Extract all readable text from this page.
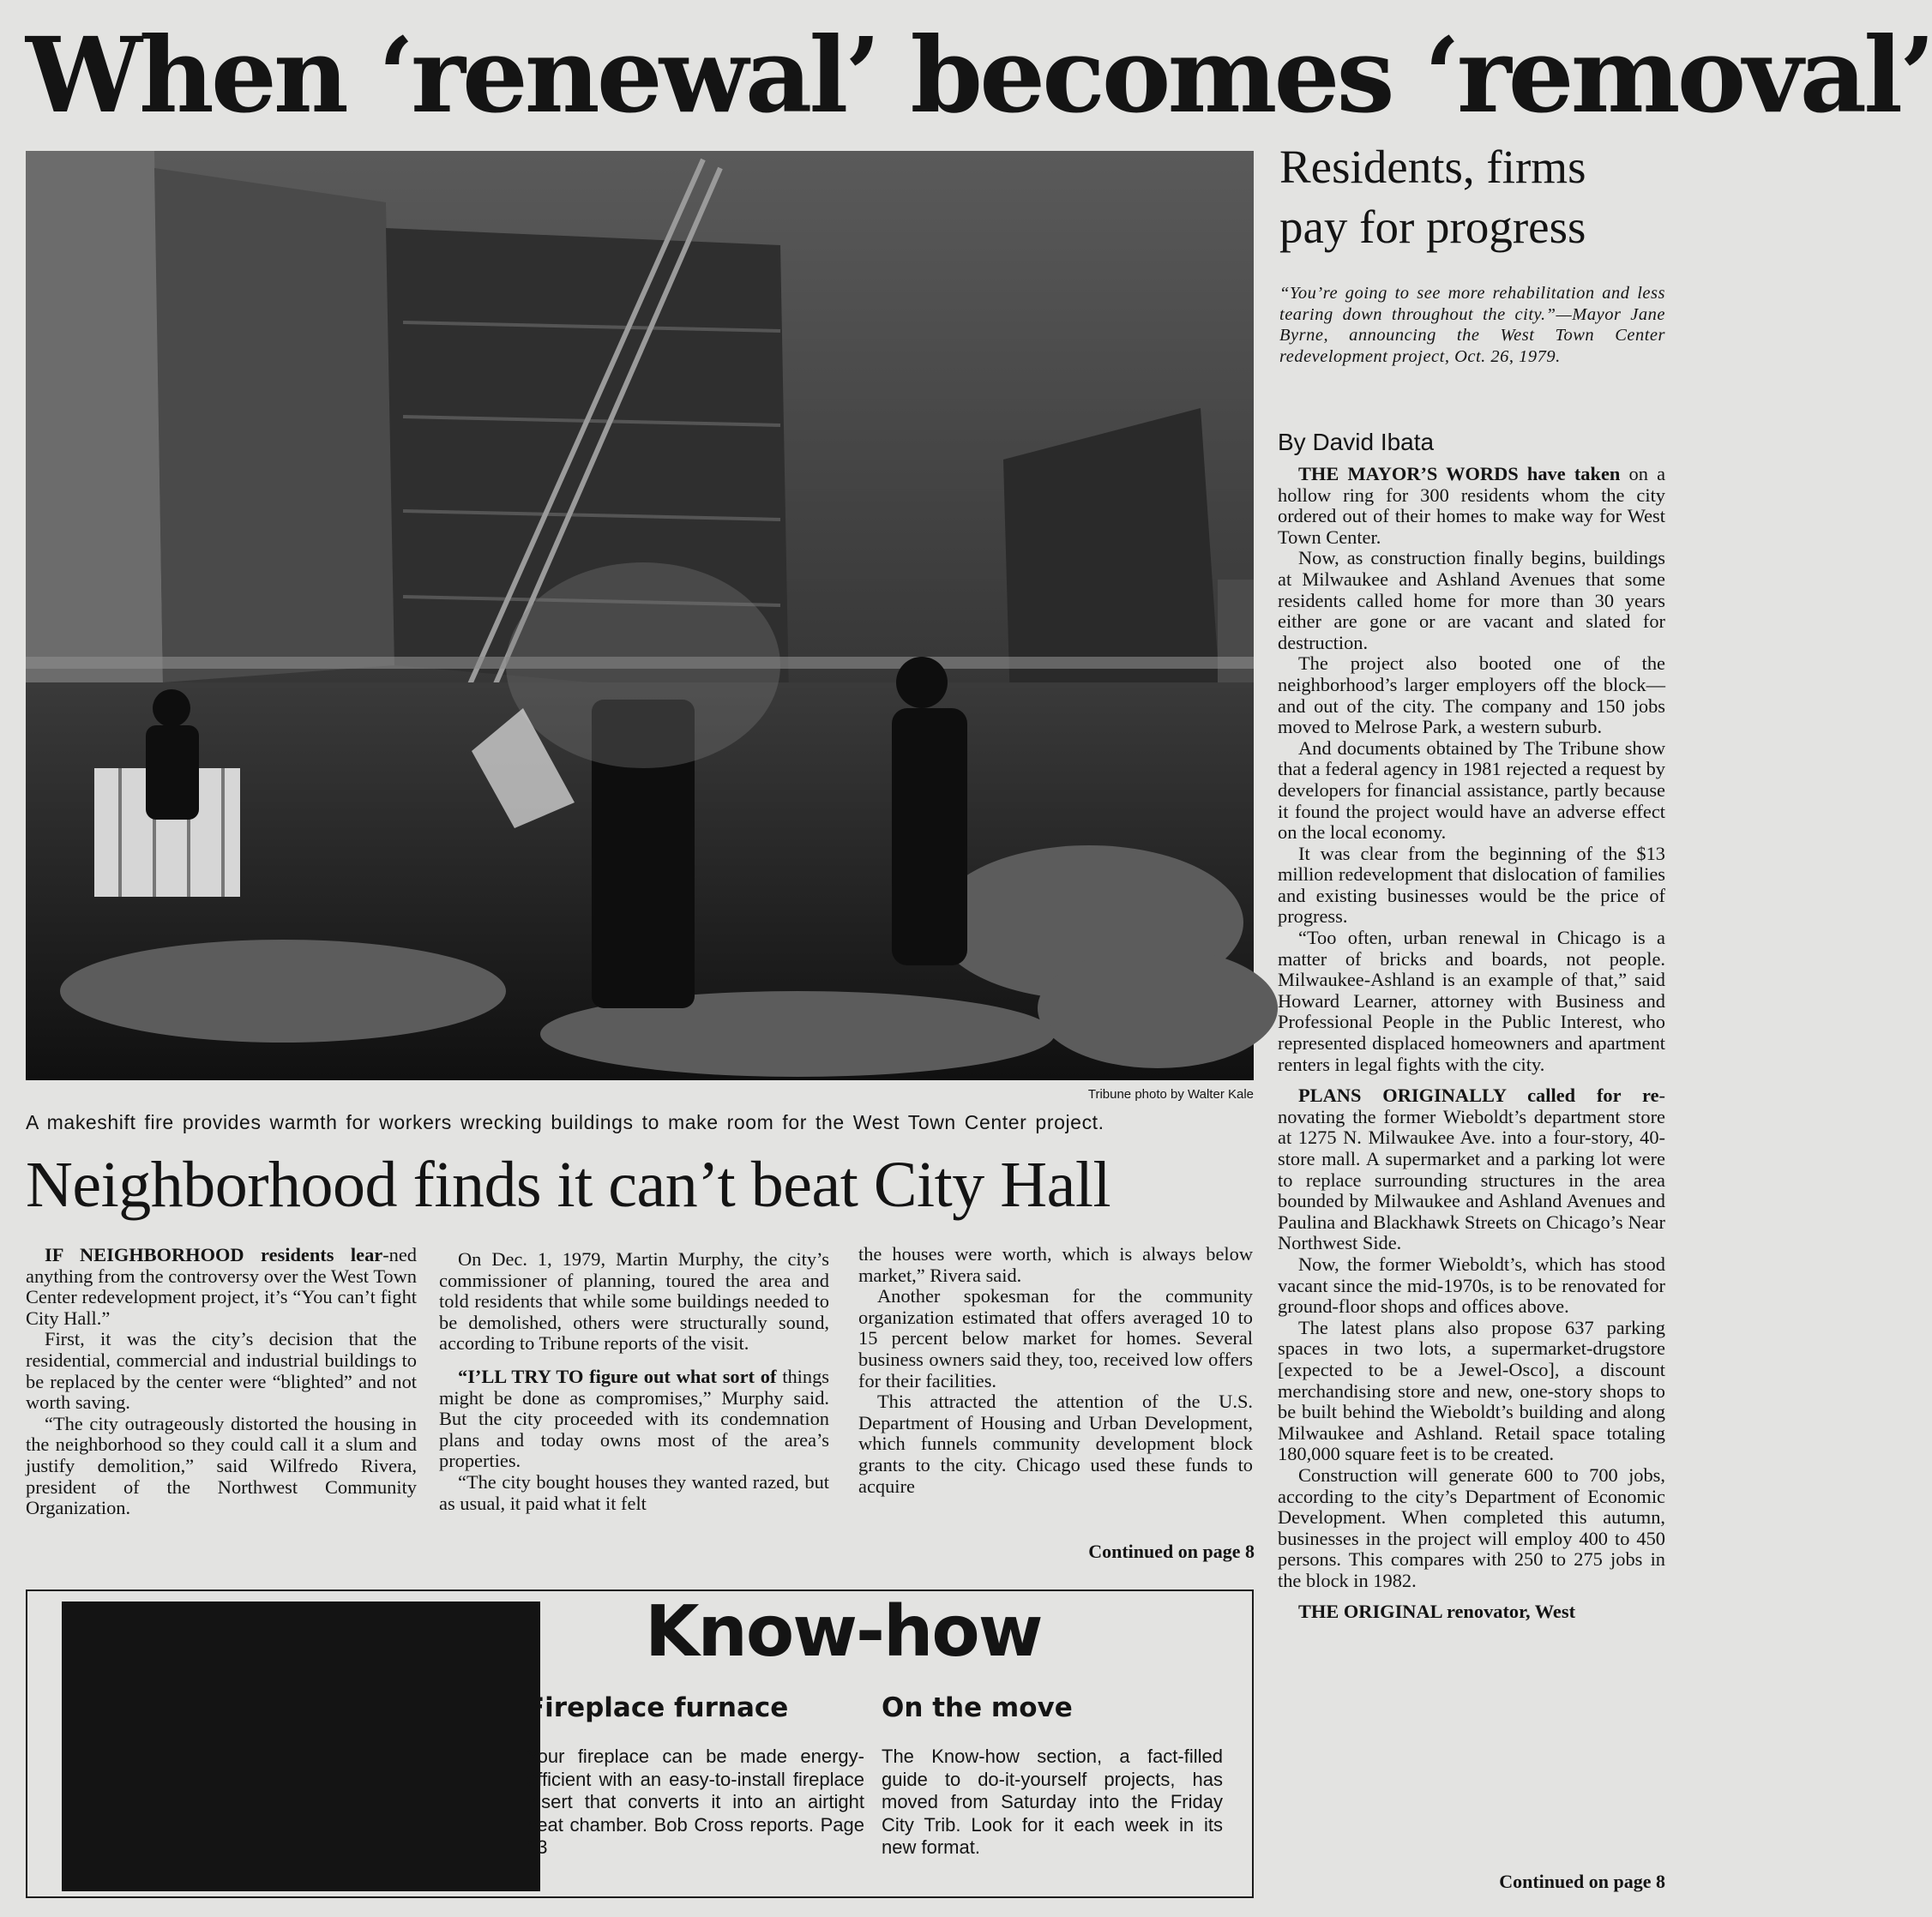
When ‘renewal’ becomes ‘removal’
Tribune photo by Walter Kale
A makeshift fire provides warmth for workers wrecking buildings to make room for the West Town Center project.
Neighborhood finds it can’t beat City Hall

IF NEIGHBORHOOD residents lear-ned anything from the controversy over the West Town Center redevelopment project, it’s “You can’t fight City Hall.”

First, it was the city’s decision that the residential, commercial and industrial buildings to be replaced by the center were “blighted” and not worth saving.

“The city outrageously distorted the housing in the neighborhood so they could call it a slum and justify demolition,” said Wilfredo Rivera, president of the Northwest Community Organization.

On Dec. 1, 1979, Martin Murphy, the city’s commissioner of planning, toured the area and told residents that while some buildings needed to be demolished, others were structurally sound, according to Tribune reports of the visit.

“I’LL TRY TO figure out what sort of things might be done as compromises,” Murphy said. But the city proceeded with its condemnation plans and today owns most of the area’s properties.

“The city bought houses they wanted razed, but as usual, it paid what it felt

the houses were worth, which is always below market,” Rivera said.

Another spokesman for the community organization estimated that offers averaged 10 to 15 percent below market for homes. Several business owners said they, too, received low offers for their facilities.

This attracted the attention of the U.S. Department of Housing and Urban Development, which funnels community development block grants to the city. Chicago used these funds to acquire

Continued on page 8
Residents, firms
pay for progress
“You’re going to see more rehabilitation and less tearing down throughout the city.”—Mayor Jane Byrne, announcing the West Town Center redevelopment project, Oct. 26, 1979.
By David Ibata

THE MAYOR’S WORDS have taken on a hollow ring for 300 residents whom the city ordered out of their homes to make way for West Town Center.

Now, as construction finally begins, buildings at Milwaukee and Ashland Avenues that some residents called home for more than 30 years either are gone or are vacant and slated for destruction.

The project also booted one of the neighborhood’s larger employers off the block—and out of the city. The company and 150 jobs moved to Melrose Park, a western suburb.

And documents obtained by The Tribune show that a federal agency in 1981 rejected a request by developers for financial assistance, partly because it found the project would have an adverse effect on the local economy.

It was clear from the beginning of the $13 million redevelopment that dislocation of families and existing businesses would be the price of progress.

“Too often, urban renewal in Chicago is a matter of bricks and boards, not people. Milwaukee-Ashland is an example of that,” said Howard Learner, attorney with Business and Professional People in the Public Interest, who represented displaced homeowners and apartment renters in legal fights with the city.

PLANS ORIGINALLY called for re-novating the former Wieboldt’s department store at 1275 N. Milwaukee Ave. into a four-story, 40-store mall. A supermarket and a parking lot were to replace surrounding structures in the area bounded by Milwaukee and Ashland Avenues and Paulina and Blackhawk Streets on Chicago’s Near Northwest Side.

Now, the former Wieboldt’s, which has stood vacant since the mid-1970s, is to be renovated for ground-floor shops and offices above.

The latest plans also propose 637 parking spaces in two lots, a supermarket-drugstore [expected to be a Jewel-Osco], a discount merchandising store and new, one-story shops to be built behind the Wieboldt’s building and along Milwaukee and Ashland. Retail space totaling 180,000 square feet is to be created.

Construction will generate 600 to 700 jobs, according to the city’s Department of Economic Development. When completed this autumn, businesses in the project will employ 400 to 450 persons. This compares with 250 to 275 jobs in the block in 1982.

THE ORIGINAL renovator, West

Continued on page 8
Know-how
Fireplace furnace	On the move
Your fireplace can be made energy-efficient with an easy-to-install fireplace insert that converts it into an airtight heat chamber. Bob Cross reports. Page 13
The Know-how section, a fact-filled guide to do-it-yourself projects, has moved from Saturday into the Friday City Trib. Look for it each week in its new format.
